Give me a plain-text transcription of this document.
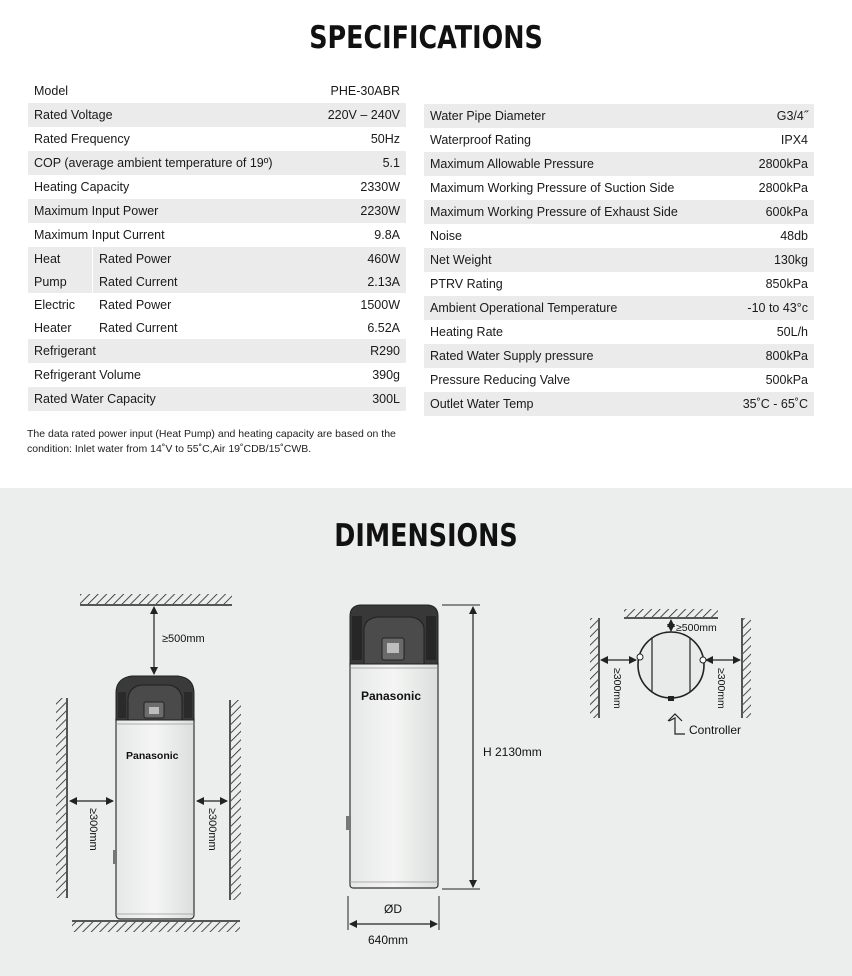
SPECIFICATIONS
Model		PHE-30ABR
Rated Voltage		220V – 240V
Rated Frequency		50Hz
COP (average ambient temperature of 19º)		5.1
Heating Capacity		2330W
Maximum Input Power		2230W
Maximum Input Current		9.8A
Heat	Rated Power	460W
Pump	Rated Current	2.13A
Electric	Rated Power	1500W
Heater	Rated Current	6.52A
Refrigerant		R290
Refrigerant Volume		390g
Rated Water Capacity		300L
Water Pipe Diameter	G3/4˝
Waterproof Rating	IPX4
Maximum Allowable Pressure	2800kPa
Maximum Working Pressure of Suction Side	2800kPa
Maximum Working Pressure of Exhaust Side	600kPa
Noise	48db
Net Weight	130kg
PTRV Rating	850kPa
Ambient Operational Temperature	-10 to 43°c
Heating Rate	50L/h
Rated Water Supply pressure	800kPa
Pressure Reducing Valve	500kPa
Outlet Water Temp	35˚C - 65˚C
The data rated power input (Heat Pump) and heating capacity are based on the
condition: Inlet water from 14˚V to 55˚C,Air 19˚CDB/15˚CWB.
DIMENSIONS
≥500mm
Panasonic
≥300mm	≥300mm
Panasonic
H 2130mm
ØD
640mm
≥500mm
≥300mm	≥300mm
Controller
